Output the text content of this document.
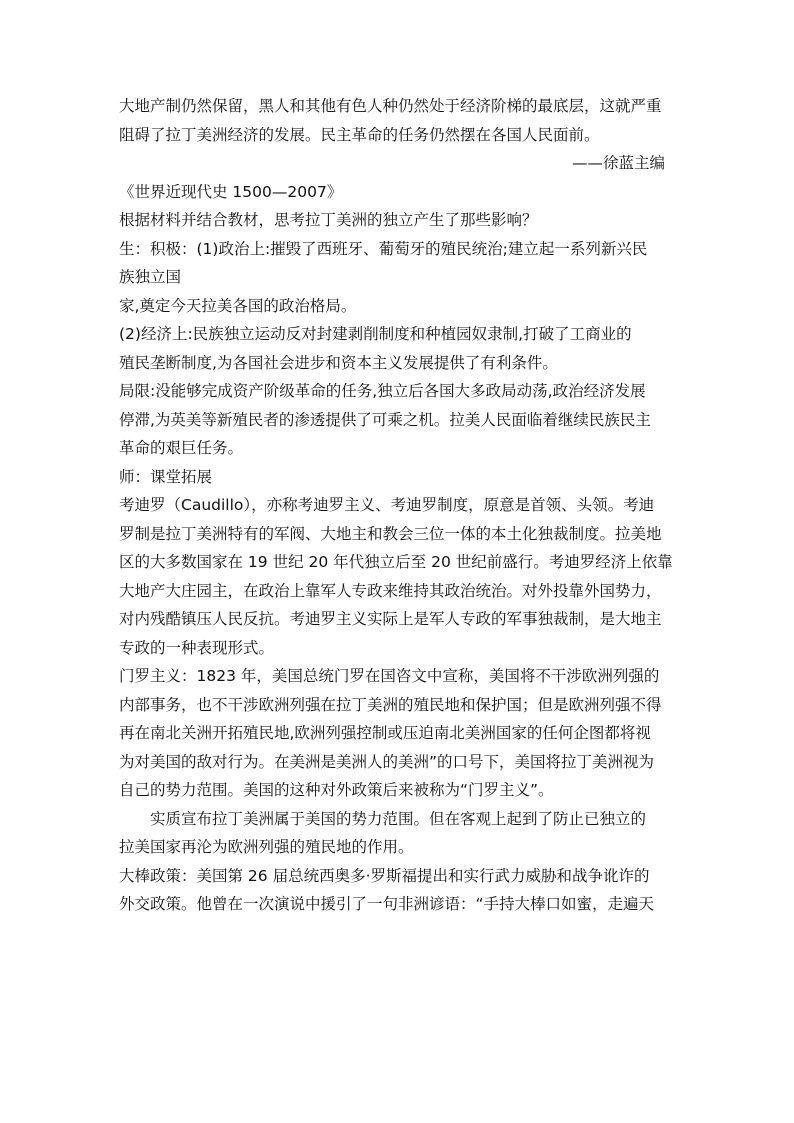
大地产制仍然保留，黑人和其他有色人种仍然处于经济阶梯的最底层，这就严重

阻碍了拉丁美洲经济的发展。民主革命的任务仍然摆在各国人民面前。

——徐蓝主编

《世界近现代史 1500—2007》

根据材料并结合教材，思考拉丁美洲的独立产生了那些影响？

生：积极：(1)政治上:摧毁了西班牙、葡萄牙的殖民统治;建立起一系列新兴民

族独立国

家,奠定今天拉美各国的政治格局。

(2)经济上:民族独立运动反对封建剥削制度和种植园奴隶制,打破了工商业的

殖民垄断制度,为各国社会进步和资本主义发展提供了有利条件。

局限:没能够完成资产阶级革命的任务,独立后各国大多政局动荡,政治经济发展

停滞,为英美等新殖民者的渗透提供了可乘之机。拉美人民面临着继续民族民主

革命的艰巨任务。

师：课堂拓展

考迪罗（Caudillo），亦称考迪罗主义、考迪罗制度，原意是首领、头领。考迪

罗制是拉丁美洲特有的军阀、大地主和教会三位一体的本土化独裁制度。拉美地

区的大多数国家在 19 世纪 20 年代独立后至 20 世纪前盛行。考迪罗经济上依靠

大地产大庄园主，在政治上靠军人专政来维持其政治统治。对外投靠外国势力，

对内残酷镇压人民反抗。考迪罗主义实际上是军人专政的军事独裁制，是大地主

专政的一种表现形式。

门罗主义：1823 年，美国总统门罗在国咨文中宣称，美国将不干涉欧洲列强的

内部事务，也不干涉欧洲列强在拉丁美洲的殖民地和保护国；但是欧洲列强不得

再在南北关洲开拓殖民地,欧洲列强控制或压迫南北美洲国家的任何企图都将视

为对美国的敌对行为。在美洲是美洲人的美洲”的口号下，美国将拉丁美洲视为

自己的势力范围。美国的这种对外政策后来被称为“门罗主义”。

实质宣布拉丁美洲属于美国的势力范围。但在客观上起到了防止已独立的

拉美国家再沦为欧洲列强的殖民地的作用。

大棒政策：美国第 26 届总统西奥多·罗斯福提出和实行武力威胁和战争讹诈的

外交政策。他曾在一次演说中援引了一句非洲谚语：“手持大棒口如蜜，走遍天
